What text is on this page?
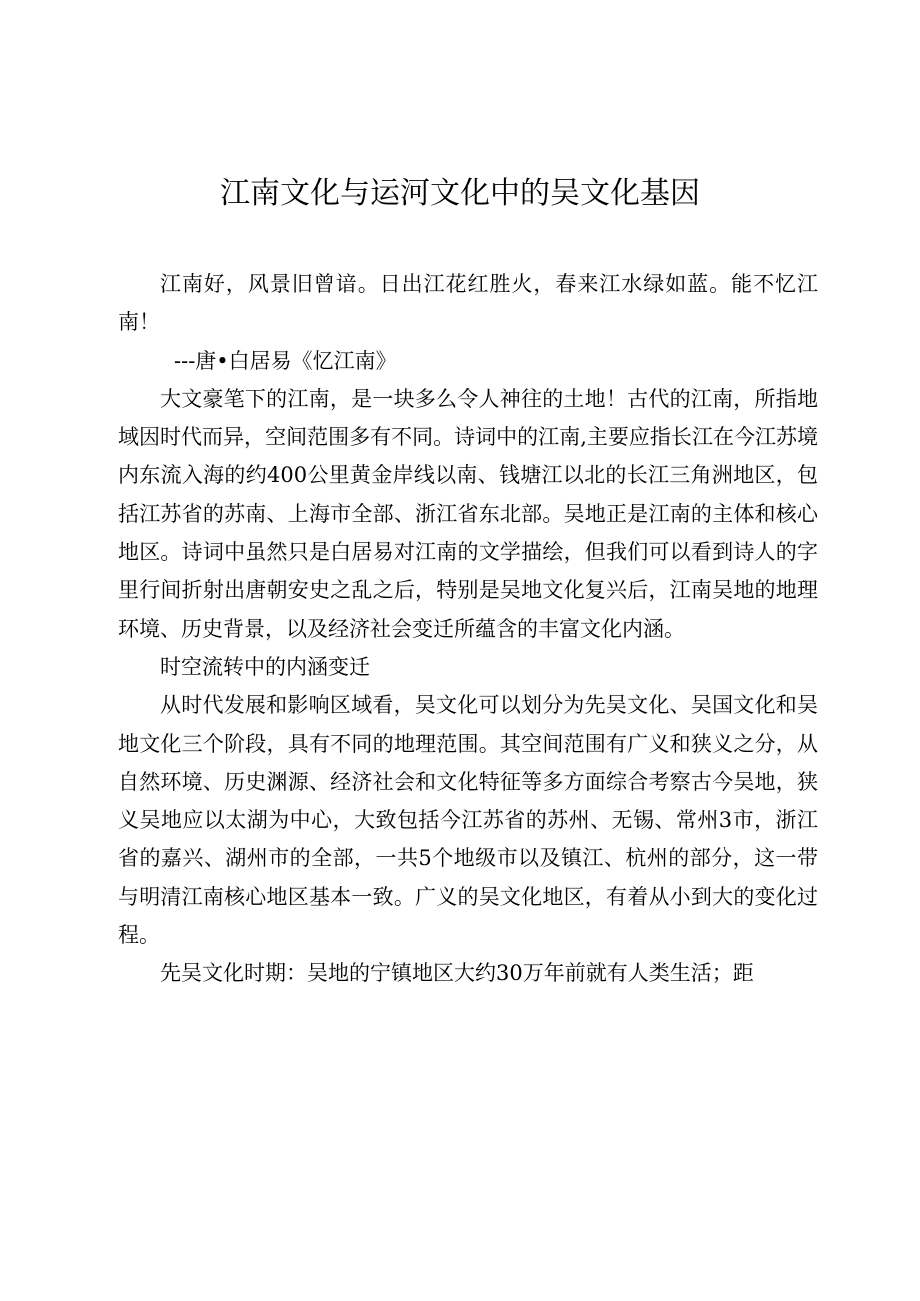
江南文化与运河文化中的吴文化基因

江南好，风景旧曾谙。日出江花红胜火，春来江水绿如蓝。能不忆江南！

---唐•白居易《忆江南》

大文豪笔下的江南，是一块多么令人神往的土地！古代的江南，所指地域因时代而异，空间范围多有不同。诗词中的江南,主要应指长江在今江苏境内东流入海的约400公里黄金岸线以南、钱塘江以北的长江三角洲地区，包括江苏省的苏南、上海市全部、浙江省东北部。吴地正是江南的主体和核心地区。诗词中虽然只是白居易对江南的文学描绘，但我们可以看到诗人的字里行间折射出唐朝安史之乱之后，特别是吴地文化复兴后，江南吴地的地理环境、历史背景，以及经济社会变迁所蕴含的丰富文化内涵。

时空流转中的内涵变迁

从时代发展和影响区域看，吴文化可以划分为先吴文化、吴国文化和吴地文化三个阶段，具有不同的地理范围。其空间范围有广义和狭义之分，从自然环境、历史渊源、经济社会和文化特征等多方面综合考察古今吴地，狭义吴地应以太湖为中心，大致包括今江苏省的苏州、无锡、常州3市，浙江省的嘉兴、湖州市的全部，一共5个地级市以及镇江、杭州的部分，这一带与明清江南核心地区基本一致。广义的吴文化地区，有着从小到大的变化过程。

先吴文化时期：吴地的宁镇地区大约30万年前就有人类生活；距
